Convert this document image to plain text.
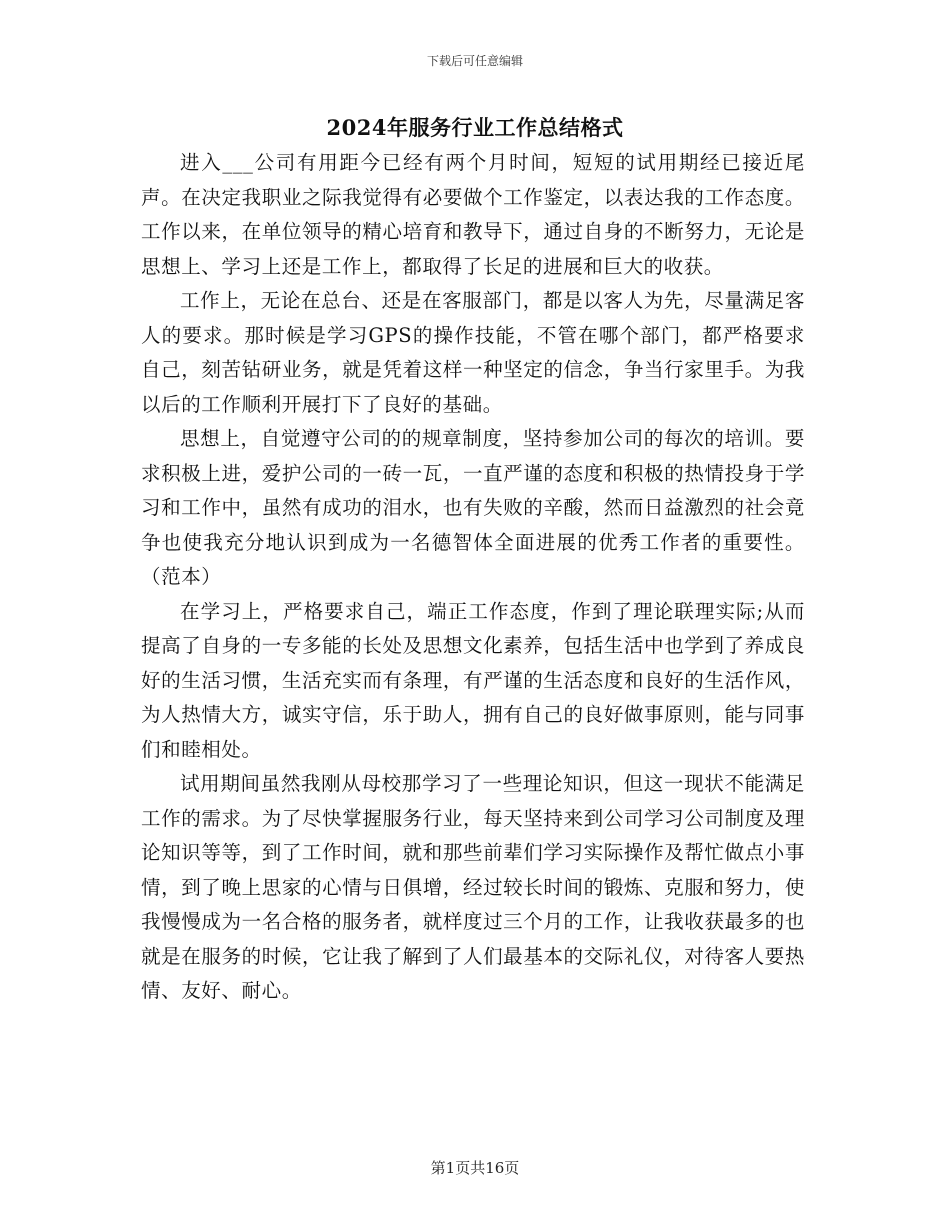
下载后可任意编辑
2024年服务行业工作总结格式

进入___公司有用距今已经有两个月时间，短短的试用期经已接近尾声。在决定我职业之际我觉得有必要做个工作鉴定，以表达我的工作态度。工作以来，在单位领导的精心培育和教导下，通过自身的不断努力，无论是思想上、学习上还是工作上，都取得了长足的进展和巨大的收获。

工作上，无论在总台、还是在客服部门，都是以客人为先，尽量满足客人的要求。那时候是学习GPS的操作技能，不管在哪个部门，都严格要求自己，刻苦钻研业务，就是凭着这样一种坚定的信念，争当行家里手。为我以后的工作顺利开展打下了良好的基础。

思想上，自觉遵守公司的的规章制度，坚持参加公司的每次的培训。要求积极上进，爱护公司的一砖一瓦，一直严谨的态度和积极的热情投身于学习和工作中，虽然有成功的泪水，也有失败的辛酸，然而日益激烈的社会竟争也使我充分地认识到成为一名德智体全面进展的优秀工作者的重要性。（范本）

在学习上，严格要求自己，端正工作态度，作到了理论联理实际;从而提高了自身的一专多能的长处及思想文化素养，包括生活中也学到了养成良好的生活习惯，生活充实而有条理，有严谨的生活态度和良好的生活作风，为人热情大方，诚实守信，乐于助人，拥有自己的良好做事原则，能与同事们和睦相处。

试用期间虽然我刚从母校那学习了一些理论知识，但这一现状不能满足工作的需求。为了尽快掌握服务行业，每天坚持来到公司学习公司制度及理论知识等等，到了工作时间，就和那些前辈们学习实际操作及帮忙做点小事情，到了晚上思家的心情与日俱增，经过较长时间的锻炼、克服和努力，使我慢慢成为一名合格的服务者，就样度过三个月的工作，让我收获最多的也就是在服务的时候，它让我了解到了人们最基本的交际礼仪，对待客人要热情、友好、耐心。

第1页共16页
